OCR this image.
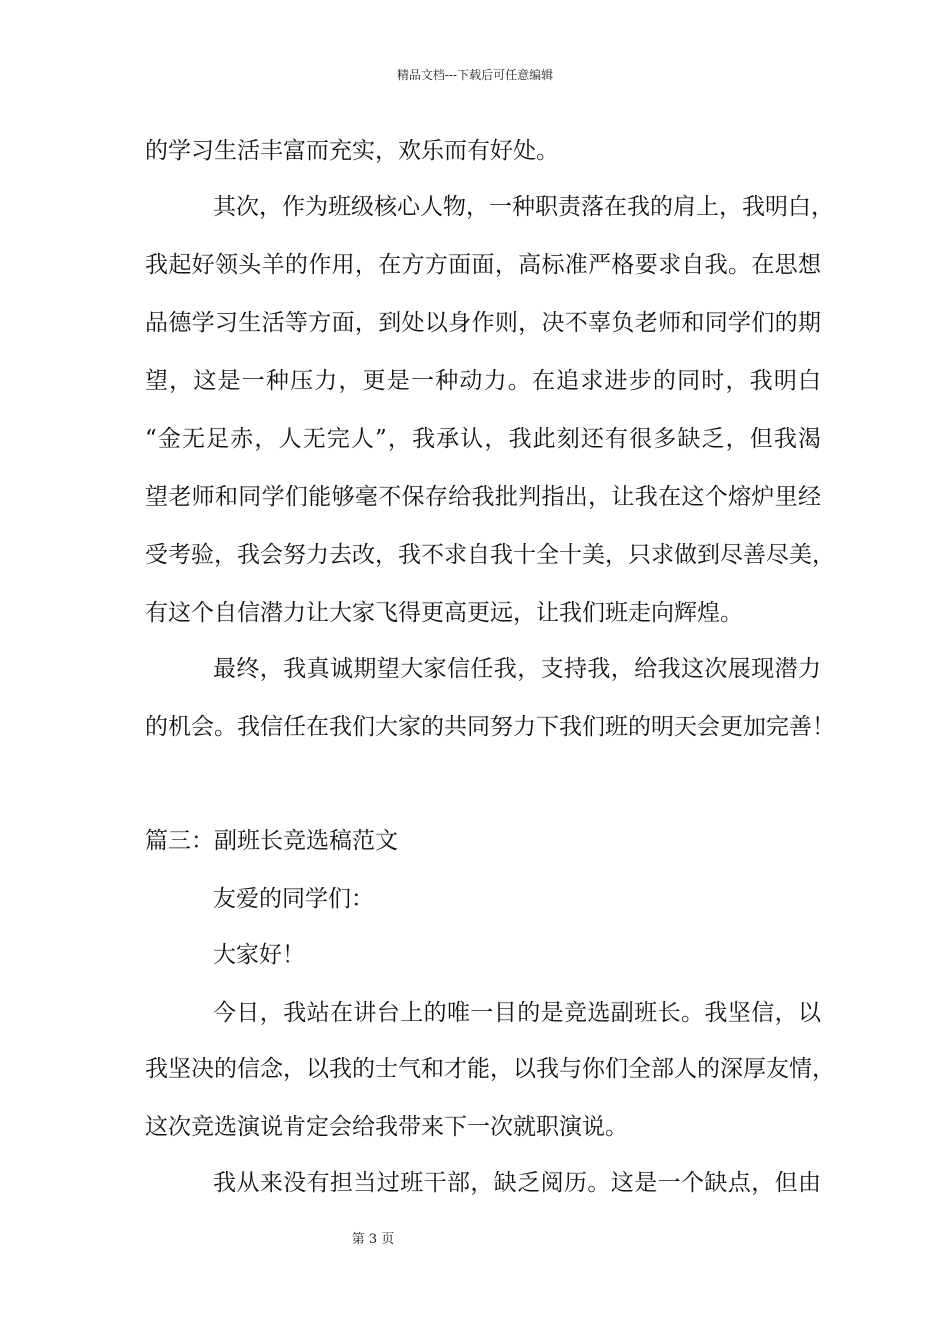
精品文档---下载后可任意编辑
的学习生活丰富而充实，欢乐而有好处。
其次，作为班级核心人物，一种职责落在我的肩上，我明白，
我起好领头羊的作用，在方方面面，高标准严格要求自我。在思想
品德学习生活等方面，到处以身作则，决不辜负老师和同学们的期
望，这是一种压力，更是一种动力。在追求进步的同时，我明白
“金无足赤，人无完人”，我承认，我此刻还有很多缺乏，但我渴
望老师和同学们能够毫不保存给我批判指出，让我在这个熔炉里经
受考验，我会努力去改，我不求自我十全十美，只求做到尽善尽美，
有这个自信潜力让大家飞得更高更远，让我们班走向辉煌。
最终，我真诚期望大家信任我，支持我，给我这次展现潜力
的机会。我信任在我们大家的共同努力下我们班的明天会更加完善！
篇三：副班长竞选稿范文
友爱的同学们：
大家好！
今日，我站在讲台上的唯一目的是竞选副班长。我坚信，以
我坚决的信念，以我的士气和才能，以我与你们全部人的深厚友情，
这次竞选演说肯定会给我带来下一次就职演说。
我从来没有担当过班干部，缺乏阅历。这是一个缺点，但由
第 3 页
